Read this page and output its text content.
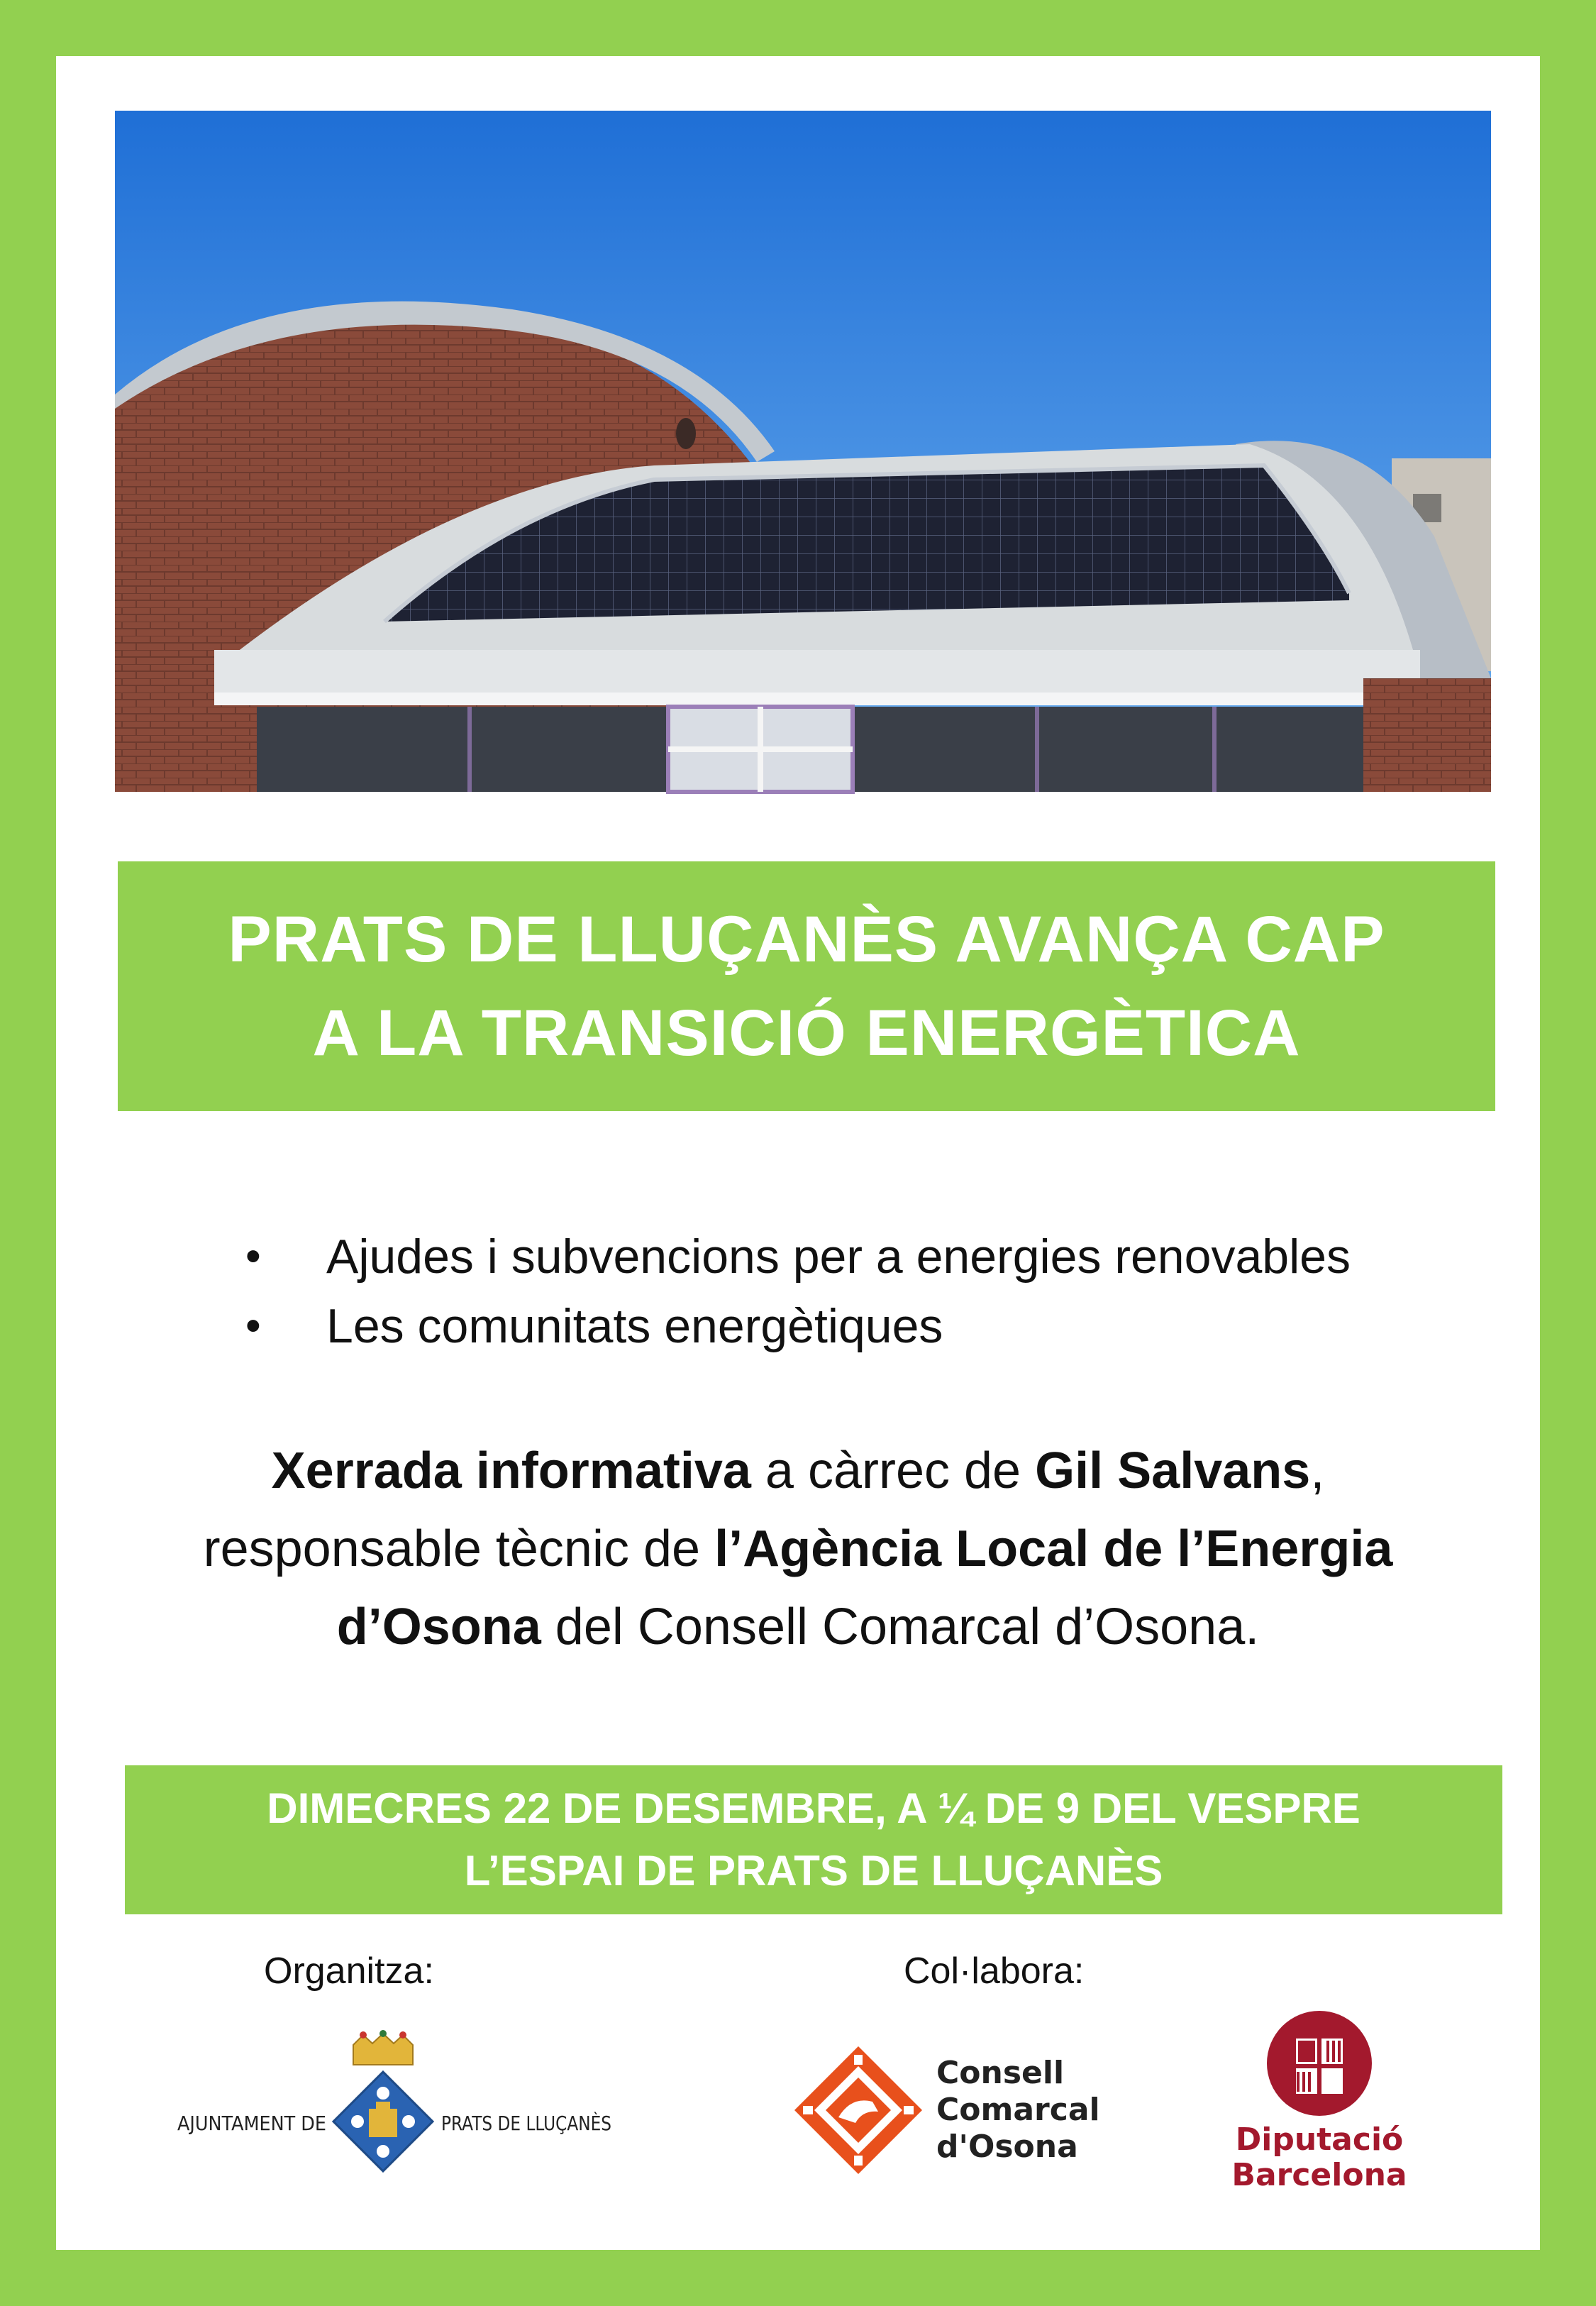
PRATS DE LLUÇANÈS AVANÇA CAP
A LA TRANSICIÓ ENERGÈTICA
• Ajudes i subvencions per a energies renovables
• Les comunitats energètiques
Xerrada informativa a càrrec de Gil Salvans,
responsable tècnic de l’Agència Local de l’Energia
d’Osona del Consell Comarcal d’Osona.
DIMECRES 22 DE DESEMBRE, A ¼ DE 9 DEL VESPRE
L’ESPAI DE PRATS DE LLUÇANÈS
Organitza:	Col·labora:
AJUNTAMENT DE	PRATS DE LLUÇANÈS
Consell
Comarcal
d'Osona	Diputació
Barcelona
